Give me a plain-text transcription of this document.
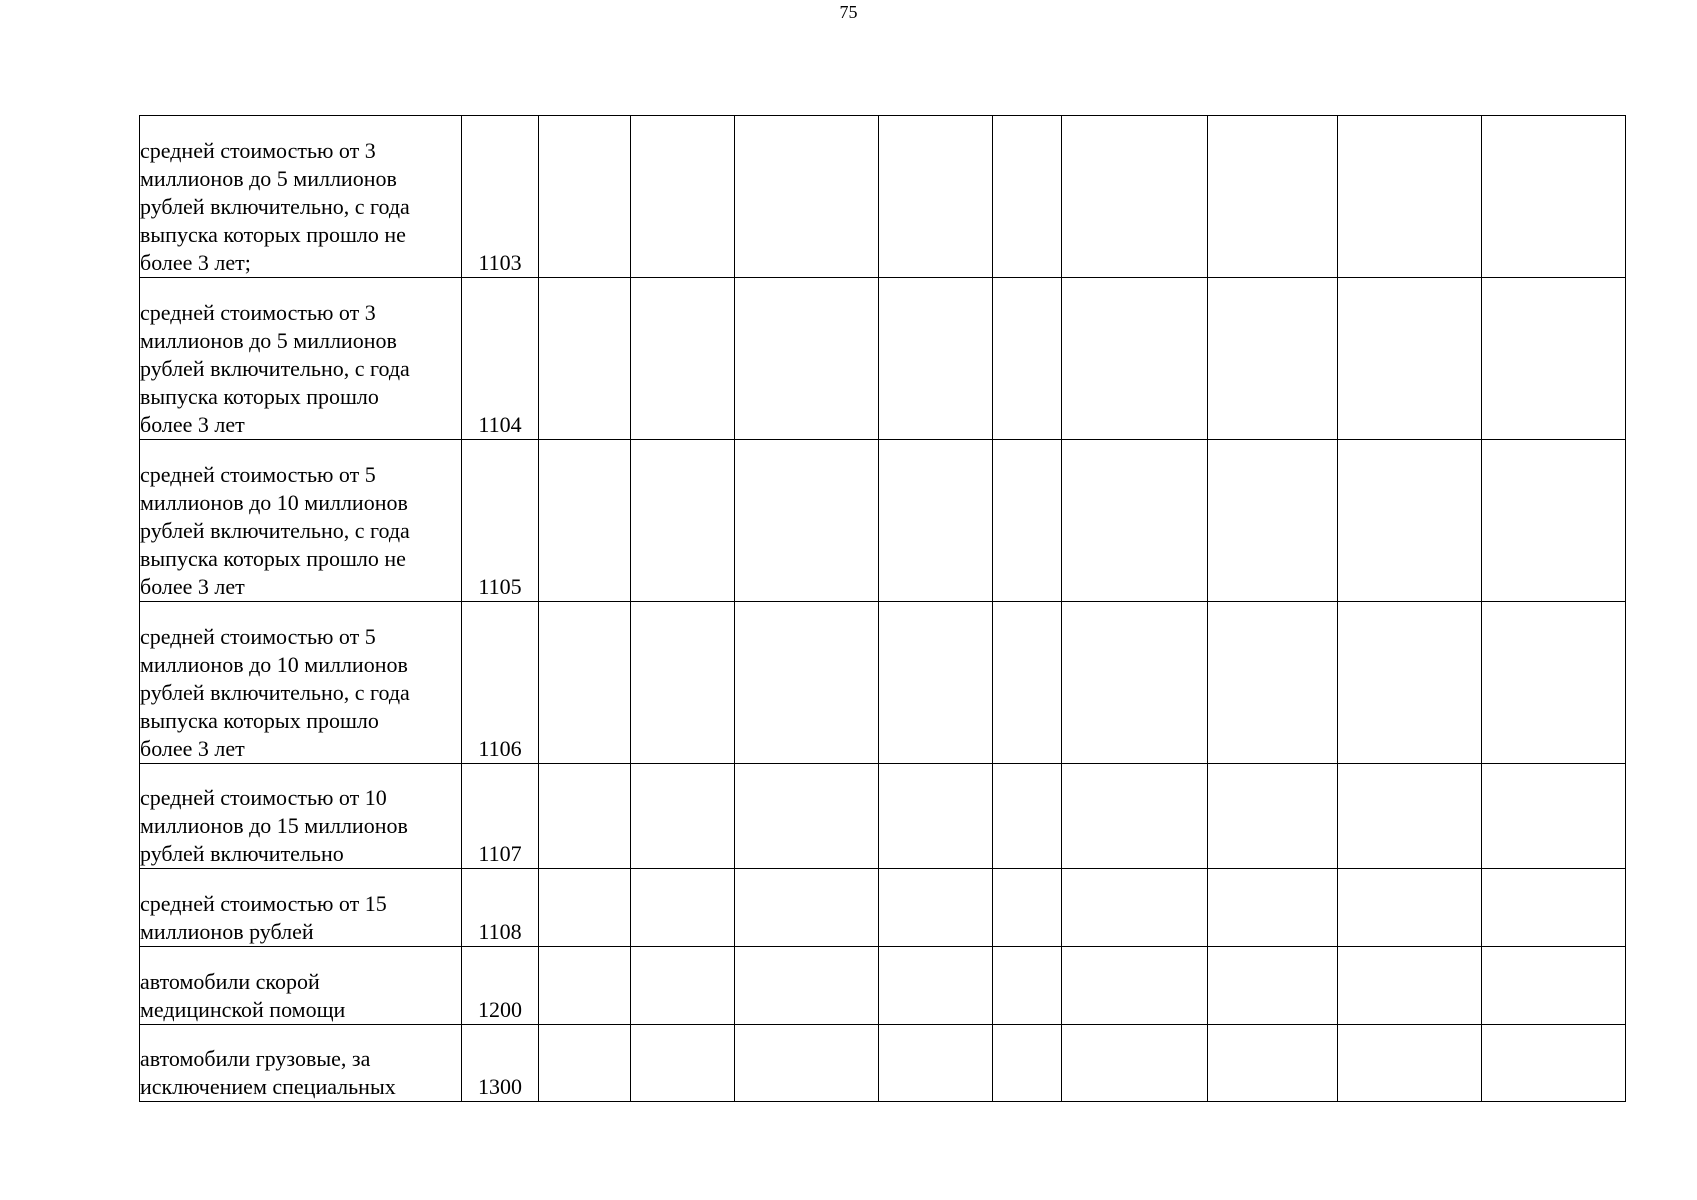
75
средней стоимостью от 3
миллионов до 5 миллионов
рублей включительно, с года
выпуска которых прошло не
более 3 лет;	1103									
средней стоимостью от 3
миллионов до 5 миллионов
рублей включительно, с года
выпуска которых прошло
более 3 лет	1104									
средней стоимостью от 5
миллионов до 10 миллионов
рублей включительно, с года
выпуска которых прошло не
более 3 лет	1105									
средней стоимостью от 5
миллионов до 10 миллионов
рублей включительно, с года
выпуска которых прошло
более 3 лет	1106									
средней стоимостью от 10
миллионов до 15 миллионов
рублей включительно	1107									
средней стоимостью от 15
миллионов рублей	1108									
автомобили скорой
медицинской помощи	1200									
автомобили грузовые, за
исключением специальных	1300									
